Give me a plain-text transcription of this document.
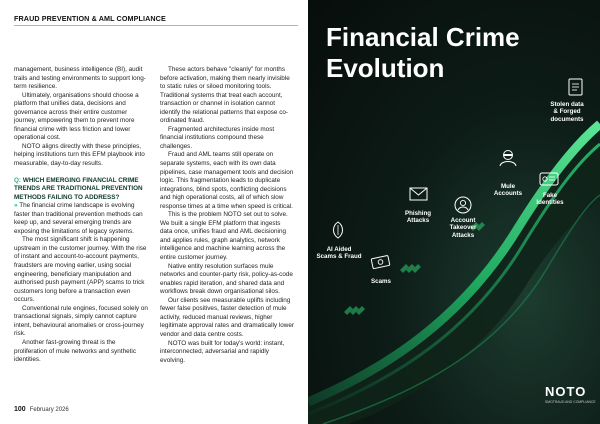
FRAUD PREVENTION & AML COMPLIANCE

management, business intelligence (BI), audit trails and testing environments to support long-term resilience.

Ultimately, organisations should choose a platform that unifies data, decisions and governance across their entire customer journey, empowering them to prevent more financial crime with less friction and lower operational cost.

NOTO aligns directly with these principles, helping institutions turn this EFM playbook into measurable, day-to-day results.

Q: WHICH EMERGING FINANCIAL CRIME TRENDS ARE TRADITIONAL PREVENTION METHODS FAILING TO ADDRESS?

» The financial crime landscape is evolving faster than traditional prevention methods can keep up, and several emerging trends are exposing the limitations of legacy systems.

The most significant shift is happening upstream in the customer journey. With the rise of instant and account-to-account payments, fraudsters are moving earlier, using social engineering, beneficiary manipulation and authorised push payment (APP) scams to trick customers long before a transaction even occurs.

Conventional rule engines, focused solely on transactional signals, simply cannot capture intent, behavioural anomalies or cross-journey risk.

Another fast-growing threat is the proliferation of mule networks and synthetic identities.

These actors behave "cleanly" for months before activation, making them nearly invisible to static rules or siloed monitoring tools. Traditional systems that treat each account, transaction or channel in isolation cannot identify the relational patterns that expose co-ordinated fraud.

Fragmented architectures inside most financial institutions compound these challenges.

Fraud and AML teams still operate on separate systems, each with its own data pipelines, case management tools and decision logic. This fragmentation leads to duplicate integrations, blind spots, conflicting decisions and high operational costs, all of which slow response times at a time when speed is critical.

This is the problem NOTO set out to solve. We built a single EFM platform that ingests data once, unifies fraud and AML decisioning and applies rules, graph analytics, network intelligence and machine learning across the entire customer journey.

Native entity resolution surfaces mule networks and counter-party risk, policy-as-code enables rapid iteration, and shared data and workflows break down organisational silos.

Our clients see measurable uplifts including fewer false positives, faster detection of mule activity, reduced manual reviews, higher legitimate approval rates and dramatically lower vendor and data centre costs.

NOTO was built for today's world: instant, interconnected, adversarial and rapidly evolving.

100 February 2026
Financial Crime
Evolution
Stolen data
& Forged
documents
Fake
Identities
Mule
Accounts
Account
Takeover
Attacks
Phishing
Attacks
Scams
AI Aided
Scams & Fraud
NOTO
SMOTRAUD AND COMPLIANCE
